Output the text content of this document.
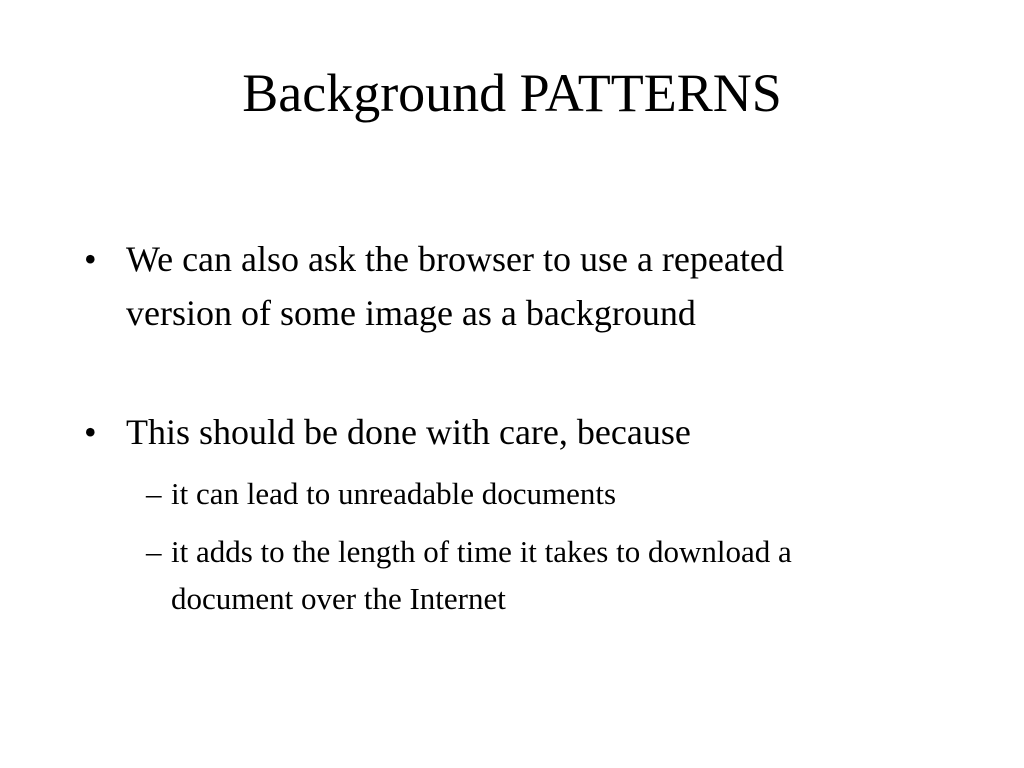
Background PATTERNS
• We can also ask the browser to use a repeated version of some image as a background
• This should be done with care, because
– it can lead to unreadable documents
– it adds to the length of time it takes to download a document over the Internet
